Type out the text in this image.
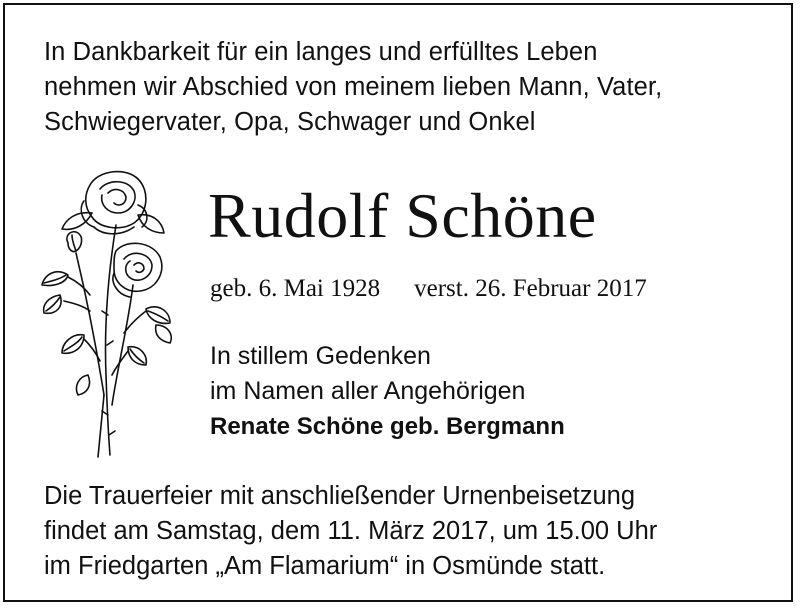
In Dankbarkeit für ein langes und erfülltes Leben
nehmen wir Abschied von meinem lieben Mann, Vater,
Schwiegervater, Opa, Schwager und Onkel
Rudolf Schöne
geb. 6. Mai 1928 verst. 26. Februar 2017
In stillem Gedenken
im Namen aller Angehörigen
Renate Schöne geb. Bergmann
Die Trauerfeier mit anschließender Urnenbeisetzung
findet am Samstag, dem 11. März 2017, um 15.00 Uhr
im Friedgarten „Am Flamarium“ in Osmünde statt.
